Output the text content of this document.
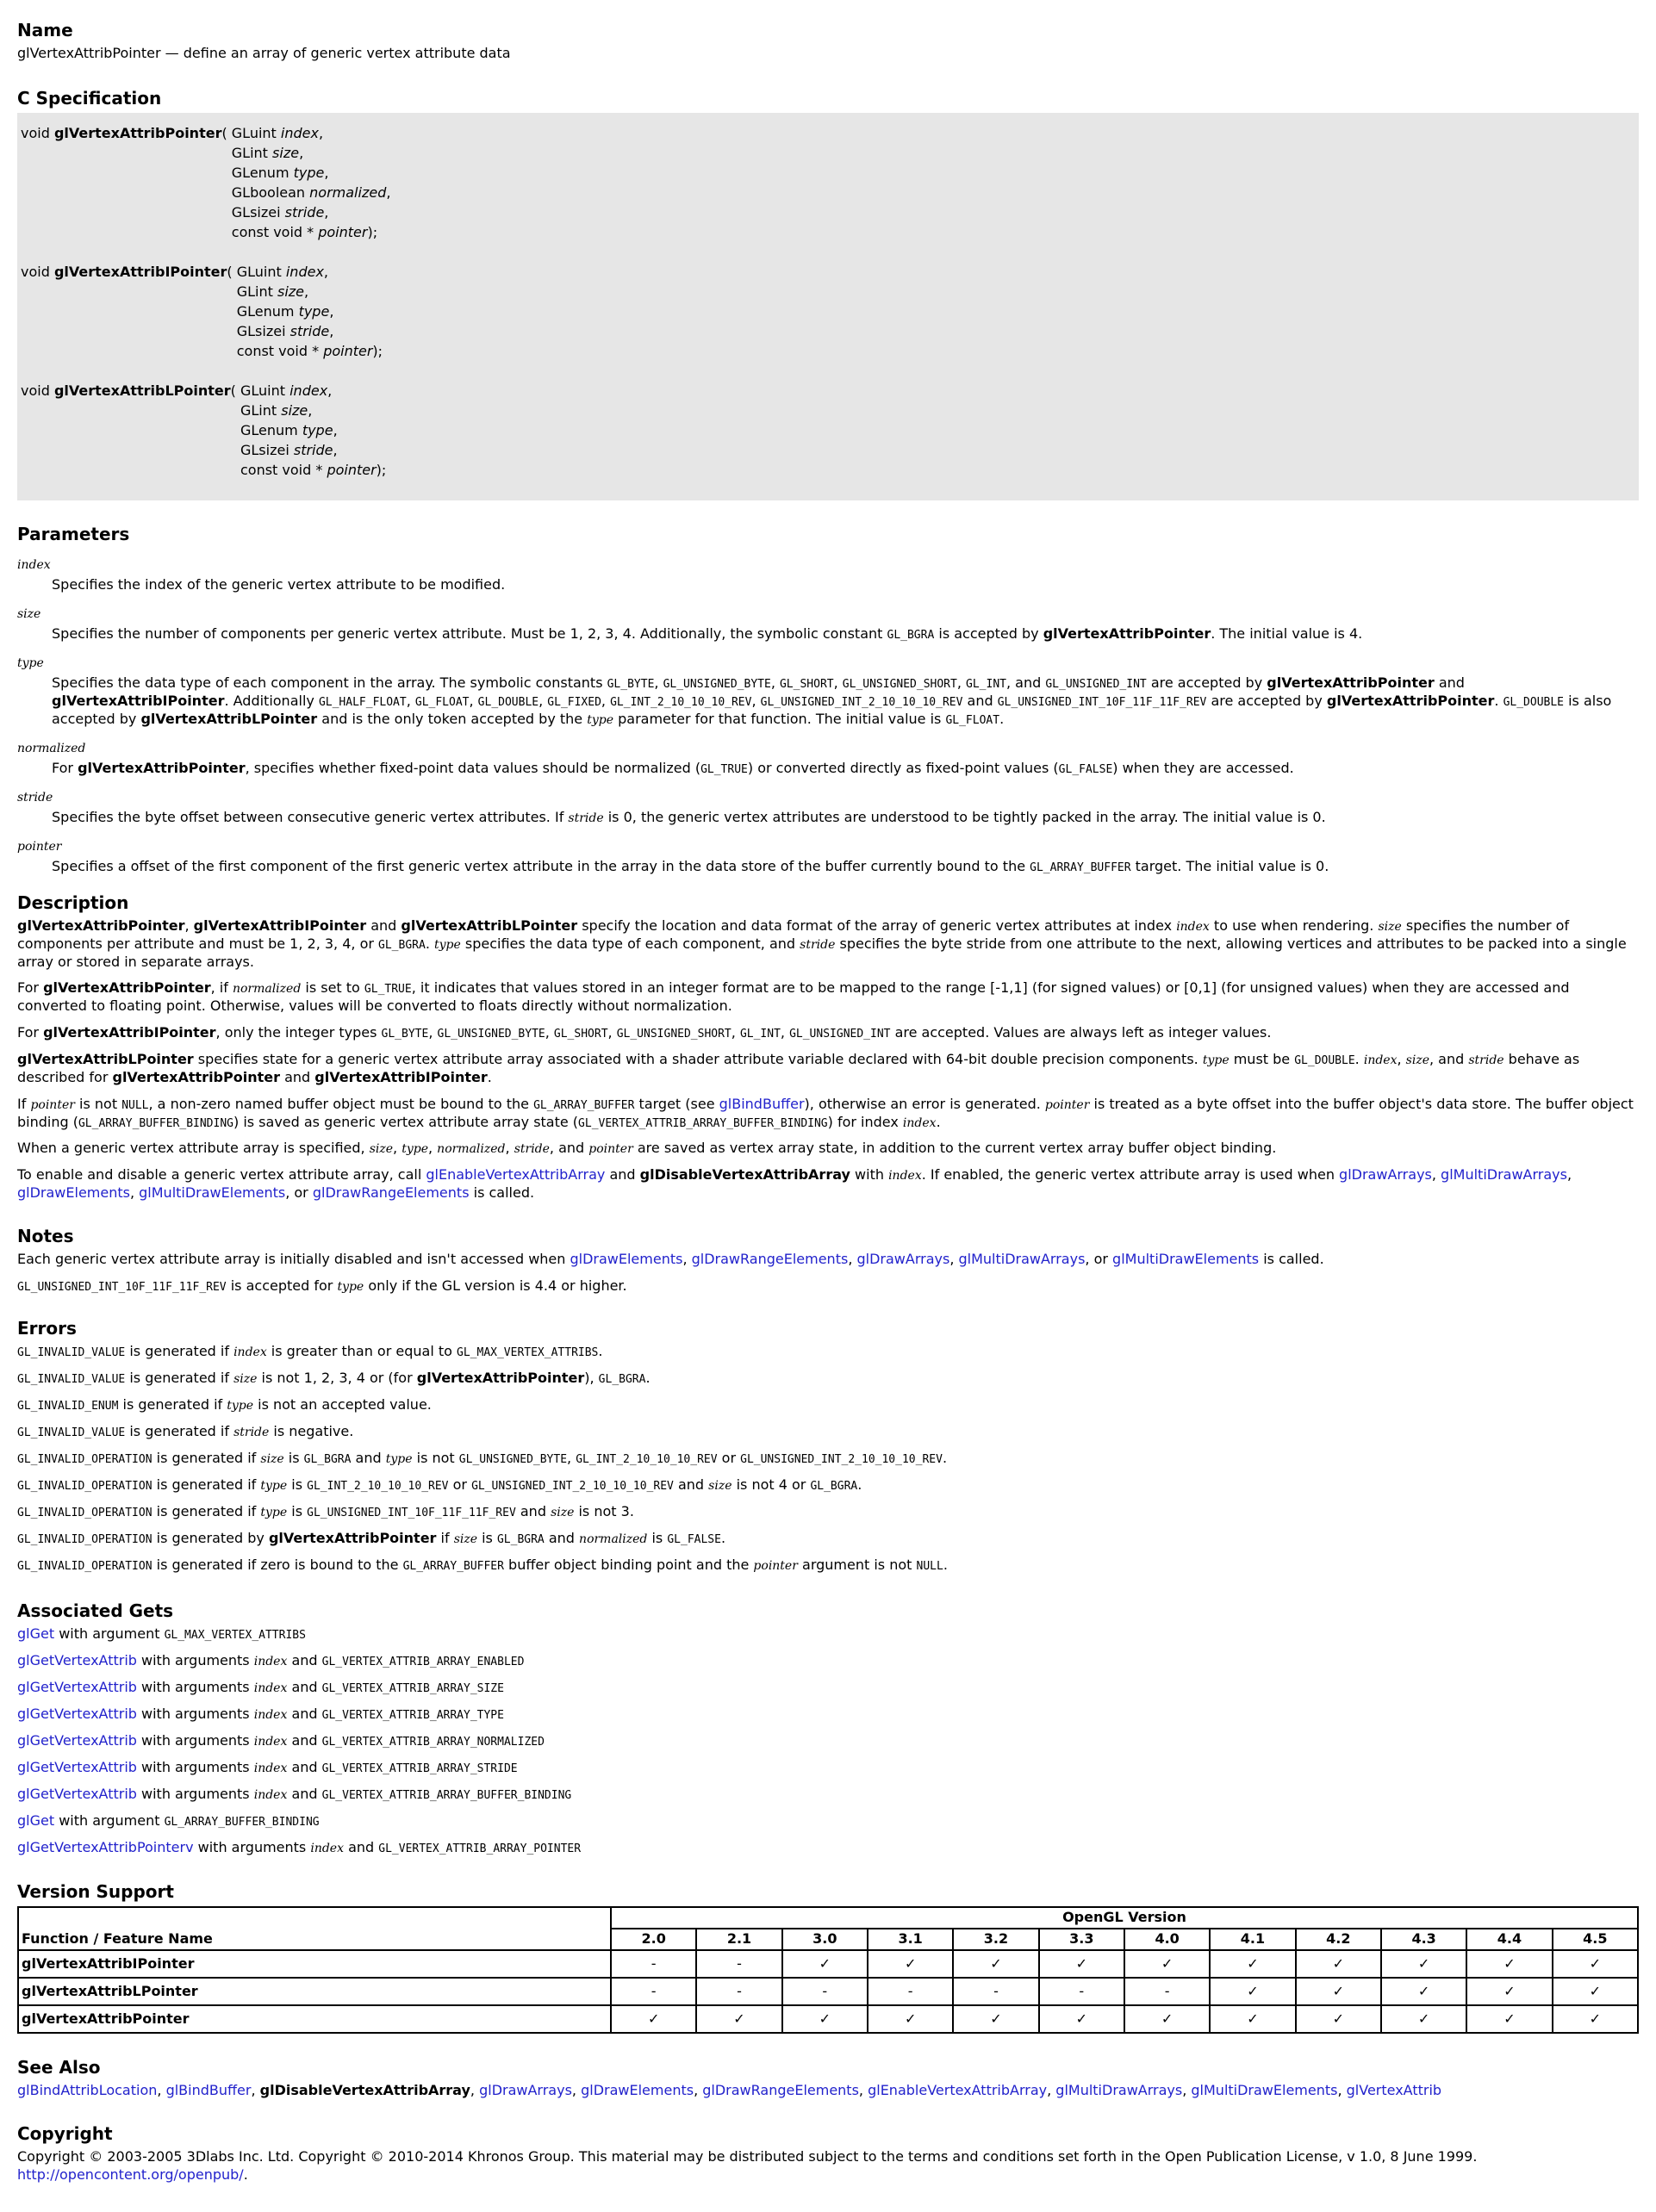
Name
glVertexAttribPointer — define an array of generic vertex attribute data
C Specification
void glVertexAttribPointer( GLuint index,
GLint size,
GLenum type,
GLboolean normalized,
GLsizei stride,
const void * pointer);
void glVertexAttribIPointer( GLuint index,
GLint size,
GLenum type,
GLsizei stride,
const void * pointer);
void glVertexAttribLPointer( GLuint index,
GLint size,
GLenum type,
GLsizei stride,
const void * pointer);
Parameters
index
Specifies the index of the generic vertex attribute to be modified.
size
Specifies the number of components per generic vertex attribute. Must be 1, 2, 3, 4. Additionally, the symbolic constant GL_BGRA is accepted by glVertexAttribPointer. The initial value is 4.
type
Specifies the data type of each component in the array. The symbolic constants GL_BYTE, GL_UNSIGNED_BYTE, GL_SHORT, GL_UNSIGNED_SHORT, GL_INT, and GL_UNSIGNED_INT are accepted by glVertexAttribPointer and glVertexAttribIPointer. Additionally GL_HALF_FLOAT, GL_FLOAT, GL_DOUBLE, GL_FIXED, GL_INT_2_10_10_10_REV, GL_UNSIGNED_INT_2_10_10_10_REV and GL_UNSIGNED_INT_10F_11F_11F_REV are accepted by glVertexAttribPointer. GL_DOUBLE is also accepted by glVertexAttribLPointer and is the only token accepted by the type parameter for that function. The initial value is GL_FLOAT.
normalized
For glVertexAttribPointer, specifies whether fixed-point data values should be normalized (GL_TRUE) or converted directly as fixed-point values (GL_FALSE) when they are accessed.
stride
Specifies the byte offset between consecutive generic vertex attributes. If stride is 0, the generic vertex attributes are understood to be tightly packed in the array. The initial value is 0.
pointer
Specifies a offset of the first component of the first generic vertex attribute in the array in the data store of the buffer currently bound to the GL_ARRAY_BUFFER target. The initial value is 0.
Description

glVertexAttribPointer, glVertexAttribIPointer and glVertexAttribLPointer specify the location and data format of the array of generic vertex attributes at index index to use when rendering. size specifies the number of components per attribute and must be 1, 2, 3, 4, or GL_BGRA. type specifies the data type of each component, and stride specifies the byte stride from one attribute to the next, allowing vertices and attributes to be packed into a single array or stored in separate arrays.

For glVertexAttribPointer, if normalized is set to GL_TRUE, it indicates that values stored in an integer format are to be mapped to the range [-1,1] (for signed values) or [0,1] (for unsigned values) when they are accessed and converted to floating point. Otherwise, values will be converted to floats directly without normalization.

For glVertexAttribIPointer, only the integer types GL_BYTE, GL_UNSIGNED_BYTE, GL_SHORT, GL_UNSIGNED_SHORT, GL_INT, GL_UNSIGNED_INT are accepted. Values are always left as integer values.

glVertexAttribLPointer specifies state for a generic vertex attribute array associated with a shader attribute variable declared with 64-bit double precision components. type must be GL_DOUBLE. index, size, and stride behave as described for glVertexAttribPointer and glVertexAttribIPointer.

If pointer is not NULL, a non-zero named buffer object must be bound to the GL_ARRAY_BUFFER target (see glBindBuffer), otherwise an error is generated. pointer is treated as a byte offset into the buffer object's data store. The buffer object binding (GL_ARRAY_BUFFER_BINDING) is saved as generic vertex attribute array state (GL_VERTEX_ATTRIB_ARRAY_BUFFER_BINDING) for index index.

When a generic vertex attribute array is specified, size, type, normalized, stride, and pointer are saved as vertex array state, in addition to the current vertex array buffer object binding.

To enable and disable a generic vertex attribute array, call glEnableVertexAttribArray and glDisableVertexAttribArray with index. If enabled, the generic vertex attribute array is used when glDrawArrays, glMultiDrawArrays, glDrawElements, glMultiDrawElements, or glDrawRangeElements is called.

Notes

Each generic vertex attribute array is initially disabled and isn't accessed when glDrawElements, glDrawRangeElements, glDrawArrays, glMultiDrawArrays, or glMultiDrawElements is called.

GL_UNSIGNED_INT_10F_11F_11F_REV is accepted for type only if the GL version is 4.4 or higher.

Errors
GL_INVALID_VALUE is generated if index is greater than or equal to GL_MAX_VERTEX_ATTRIBS.
GL_INVALID_VALUE is generated if size is not 1, 2, 3, 4 or (for glVertexAttribPointer), GL_BGRA.
GL_INVALID_ENUM is generated if type is not an accepted value.
GL_INVALID_VALUE is generated if stride is negative.
GL_INVALID_OPERATION is generated if size is GL_BGRA and type is not GL_UNSIGNED_BYTE, GL_INT_2_10_10_10_REV or GL_UNSIGNED_INT_2_10_10_10_REV.
GL_INVALID_OPERATION is generated if type is GL_INT_2_10_10_10_REV or GL_UNSIGNED_INT_2_10_10_10_REV and size is not 4 or GL_BGRA.
GL_INVALID_OPERATION is generated if type is GL_UNSIGNED_INT_10F_11F_11F_REV and size is not 3.
GL_INVALID_OPERATION is generated by glVertexAttribPointer if size is GL_BGRA and normalized is GL_FALSE.
GL_INVALID_OPERATION is generated if zero is bound to the GL_ARRAY_BUFFER buffer object binding point and the pointer argument is not NULL.
Associated Gets
glGet with argument GL_MAX_VERTEX_ATTRIBS
glGetVertexAttrib with arguments index and GL_VERTEX_ATTRIB_ARRAY_ENABLED
glGetVertexAttrib with arguments index and GL_VERTEX_ATTRIB_ARRAY_SIZE
glGetVertexAttrib with arguments index and GL_VERTEX_ATTRIB_ARRAY_TYPE
glGetVertexAttrib with arguments index and GL_VERTEX_ATTRIB_ARRAY_NORMALIZED
glGetVertexAttrib with arguments index and GL_VERTEX_ATTRIB_ARRAY_STRIDE
glGetVertexAttrib with arguments index and GL_VERTEX_ATTRIB_ARRAY_BUFFER_BINDING
glGet with argument GL_ARRAY_BUFFER_BINDING
glGetVertexAttribPointerv with arguments index and GL_VERTEX_ATTRIB_ARRAY_POINTER
Version Support
	OpenGL Version											
Function / Feature Name	2.0	2.1	3.0	3.1	3.2	3.3	4.0	4.1	4.2	4.3	4.4	4.5
glVertexAttribIPointer	-	-	✓	✓	✓	✓	✓	✓	✓	✓	✓	✓
glVertexAttribLPointer	-	-	-	-	-	-	-	✓	✓	✓	✓	✓
glVertexAttribPointer	✓	✓	✓	✓	✓	✓	✓	✓	✓	✓	✓	✓
See Also
glBindAttribLocation, glBindBuffer, glDisableVertexAttribArray, glDrawArrays, glDrawElements, glDrawRangeElements, glEnableVertexAttribArray, glMultiDrawArrays, glMultiDrawElements, glVertexAttrib
Copyright
Copyright © 2003-2005 3Dlabs Inc. Ltd. Copyright © 2010-2014 Khronos Group. This material may be distributed subject to the terms and conditions set forth in the Open Publication License, v 1.0, 8 June 1999.
http://opencontent.org/openpub/.
